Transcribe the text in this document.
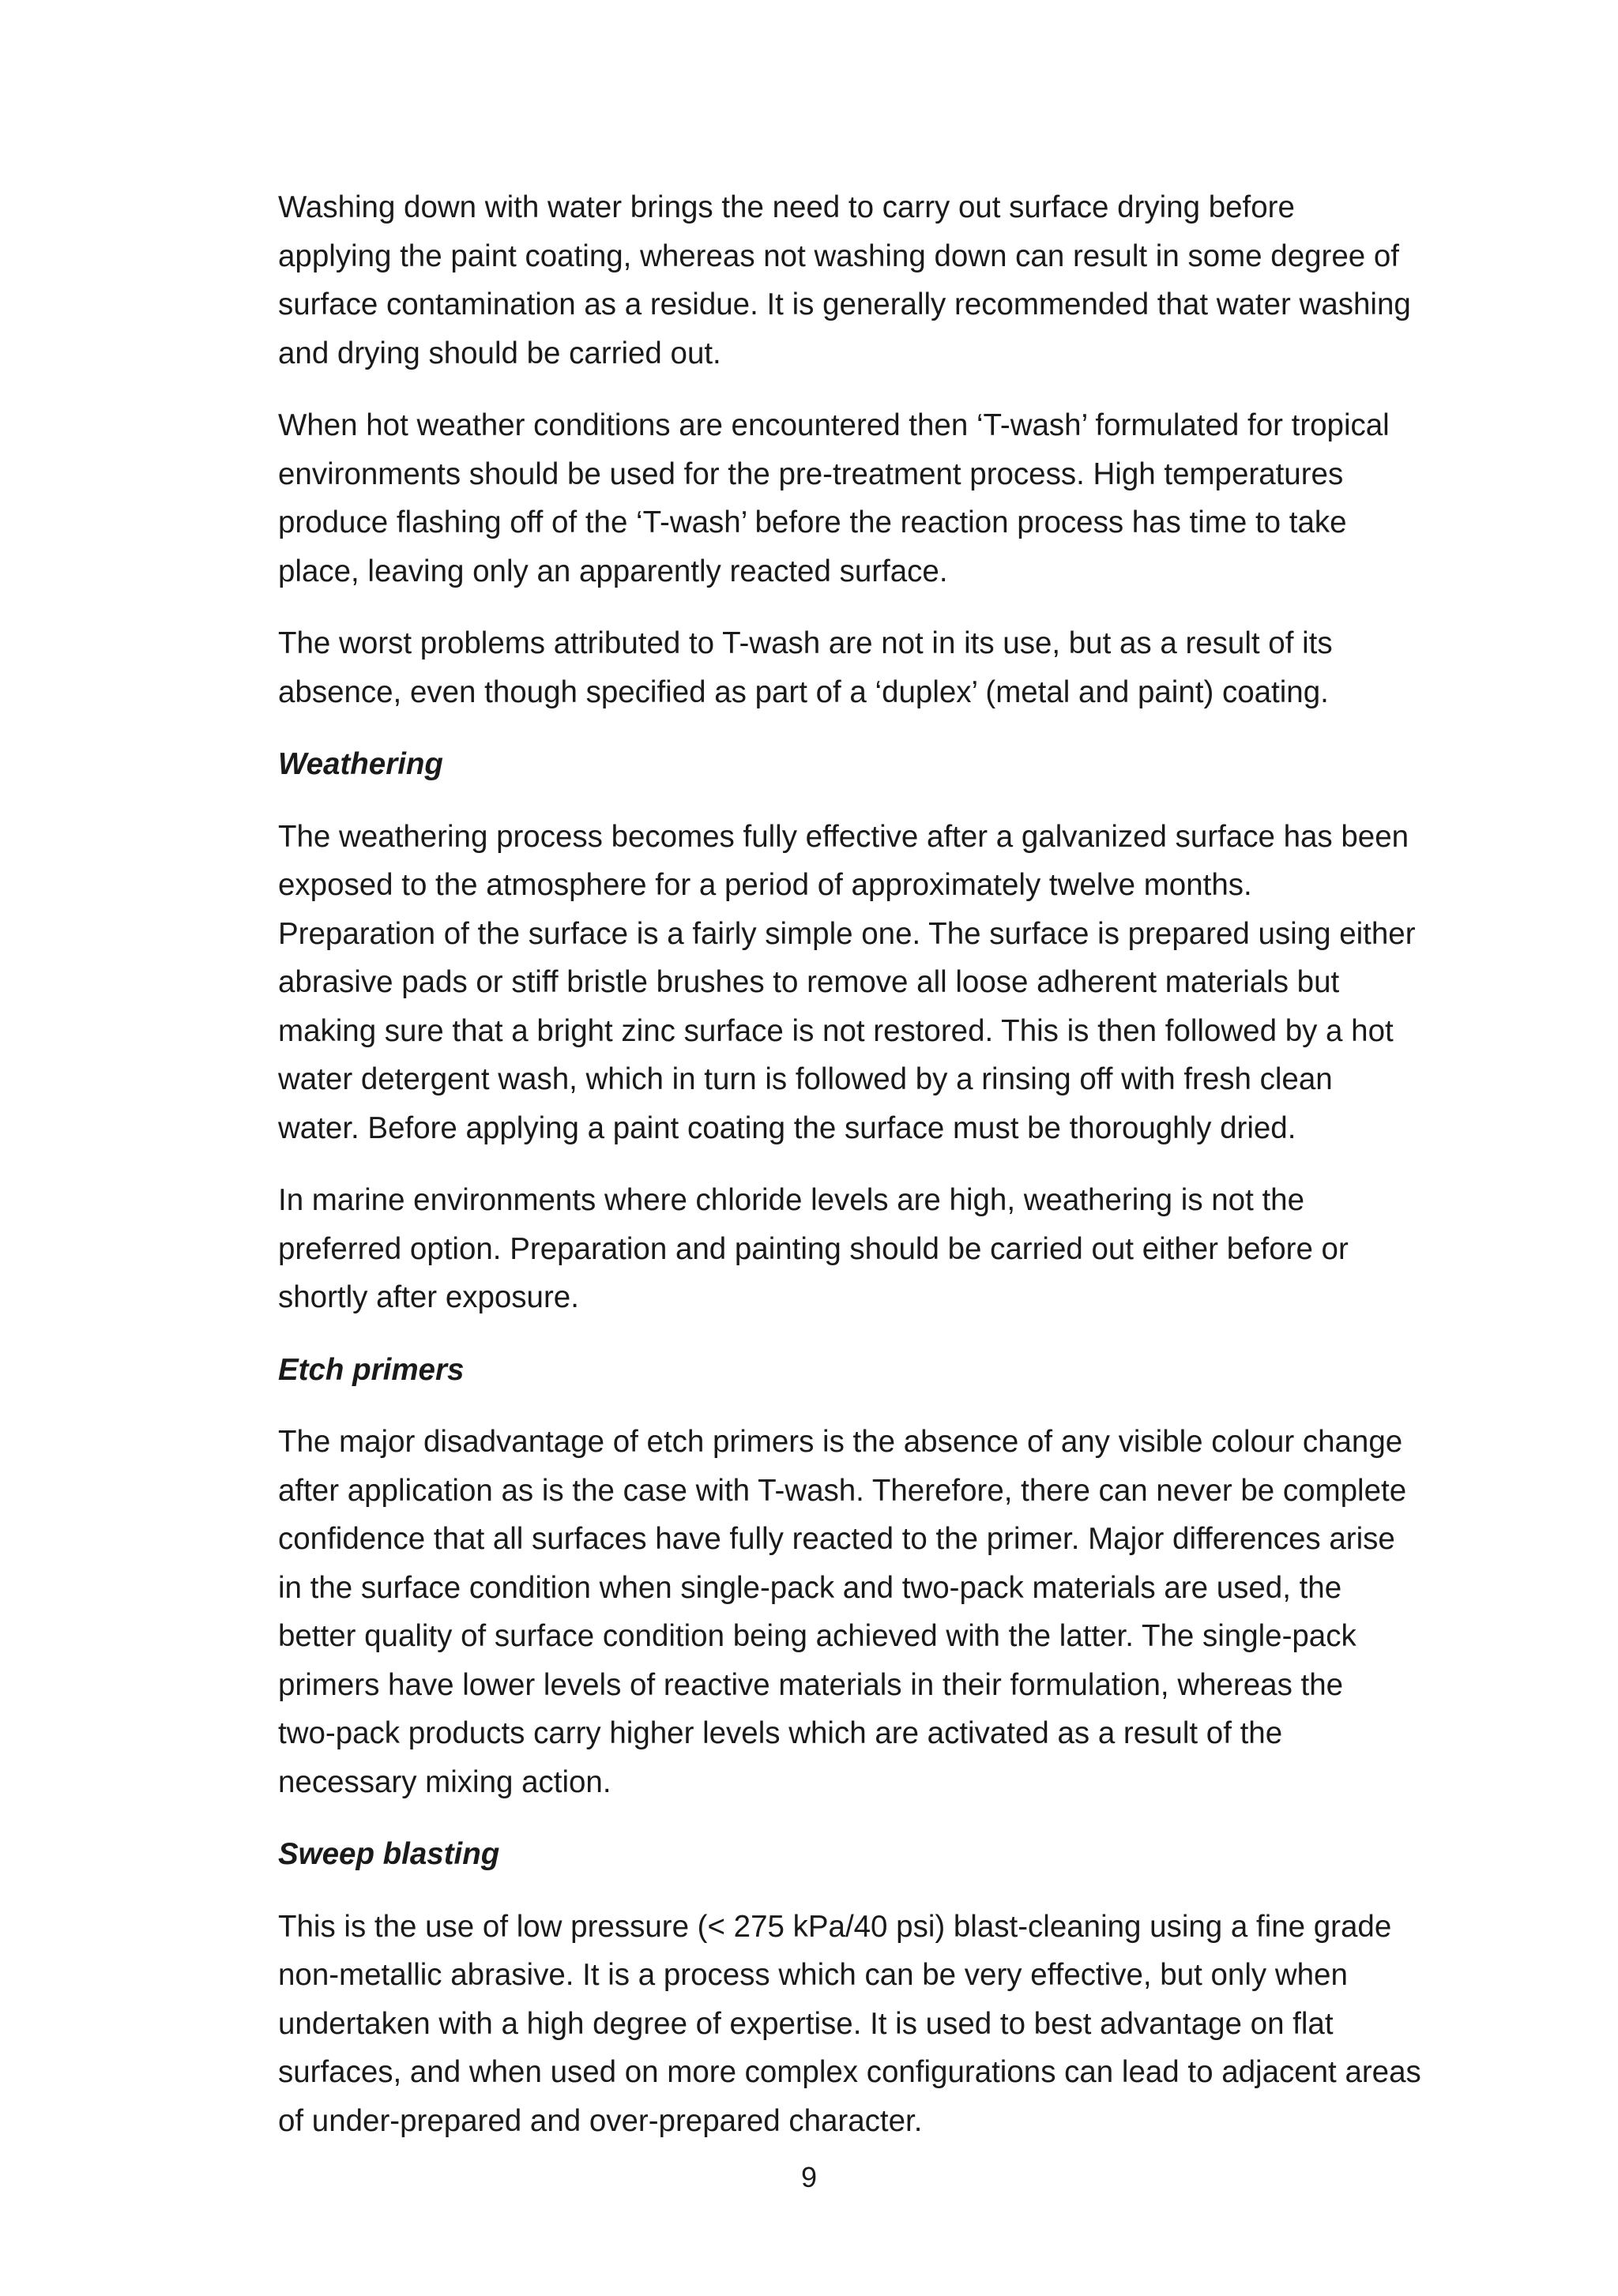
Washing down with water brings the need to carry out surface drying before
applying the paint coating, whereas not washing down can result in some degree of
surface contamination as a residue. It is generally recommended that water washing
and drying should be carried out.
When hot weather conditions are encountered then ‘T-wash’ formulated for tropical
environments should be used for the pre-treatment process. High temperatures
produce flashing off of the ‘T-wash’ before the reaction process has time to take
place, leaving only an apparently reacted surface.
The worst problems attributed to T-wash are not in its use, but as a result of its
absence, even though specified as part of a ‘duplex’ (metal and paint) coating.
Weathering
The weathering process becomes fully effective after a galvanized surface has been
exposed to the atmosphere for a period of approximately twelve months.
Preparation of the surface is a fairly simple one. The surface is prepared using either
abrasive pads or stiff bristle brushes to remove all loose adherent materials but
making sure that a bright zinc surface is not restored. This is then followed by a hot
water detergent wash, which in turn is followed by a rinsing off with fresh clean
water. Before applying a paint coating the surface must be thoroughly dried.
In marine environments where chloride levels are high, weathering is not the
preferred option. Preparation and painting should be carried out either before or
shortly after exposure.
Etch primers
The major disadvantage of etch primers is the absence of any visible colour change
after application as is the case with T-wash. Therefore, there can never be complete
confidence that all surfaces have fully reacted to the primer. Major differences arise
in the surface condition when single-pack and two-pack materials are used, the
better quality of surface condition being achieved with the latter. The single-pack
primers have lower levels of reactive materials in their formulation, whereas the
two-pack products carry higher levels which are activated as a result of the
necessary mixing action.
Sweep blasting
This is the use of low pressure (< 275 kPa/40 psi) blast-cleaning using a fine grade
non-metallic abrasive. It is a process which can be very effective, but only when
undertaken with a high degree of expertise. It is used to best advantage on flat
surfaces, and when used on more complex configurations can lead to adjacent areas
of under-prepared and over-prepared character.
9
